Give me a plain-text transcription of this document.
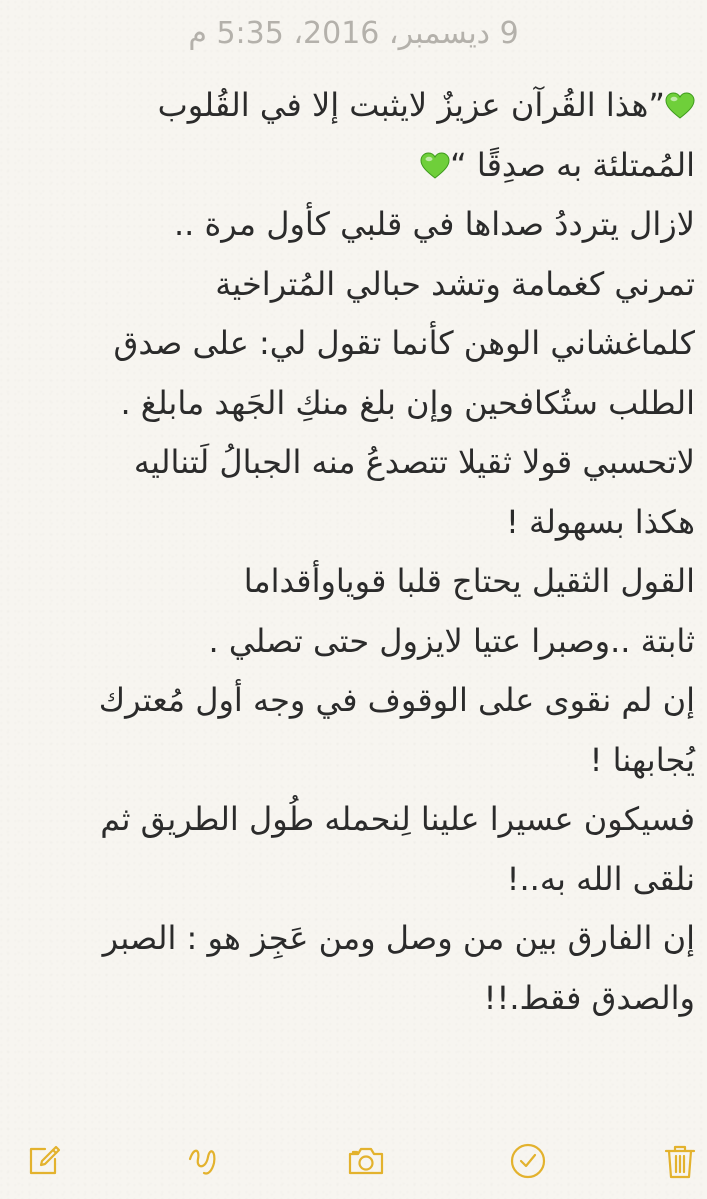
9 ديسمبر، 2016، 5:35 م
”هذا القُرآن عزيزٌ لايثبت إلا في القُلوب
المُمتلئة به صدِقًا “
لازال يترددُ صداها في قلبي كأول مرة ..
تمرني كغمامة وتشد حبالي المُتراخية
كلماغشاني الوهن كأنما تقول لي: على صدق
الطلب ستُكافحين وإن بلغ منكِ الجَهد مابلغ .
لاتحسبي قولا ثقيلا تتصدعُ منه الجبالُ لَتناليه
هكذا بسهولة !
القول الثقيل يحتاج قلبا قوياوأقداما
ثابتة ..وصبرا عتيا لايزول حتى تصلي .
إن لم نقوى على الوقوف في وجه أول مُعترك
يُجابهنا !
فسيكون عسيرا علينا لِنحمله طُول الطريق ثم
نلقى الله به..!
إن الفارق بين من وصل ومن عَجِز هو : الصبر
والصدق فقط.!!
